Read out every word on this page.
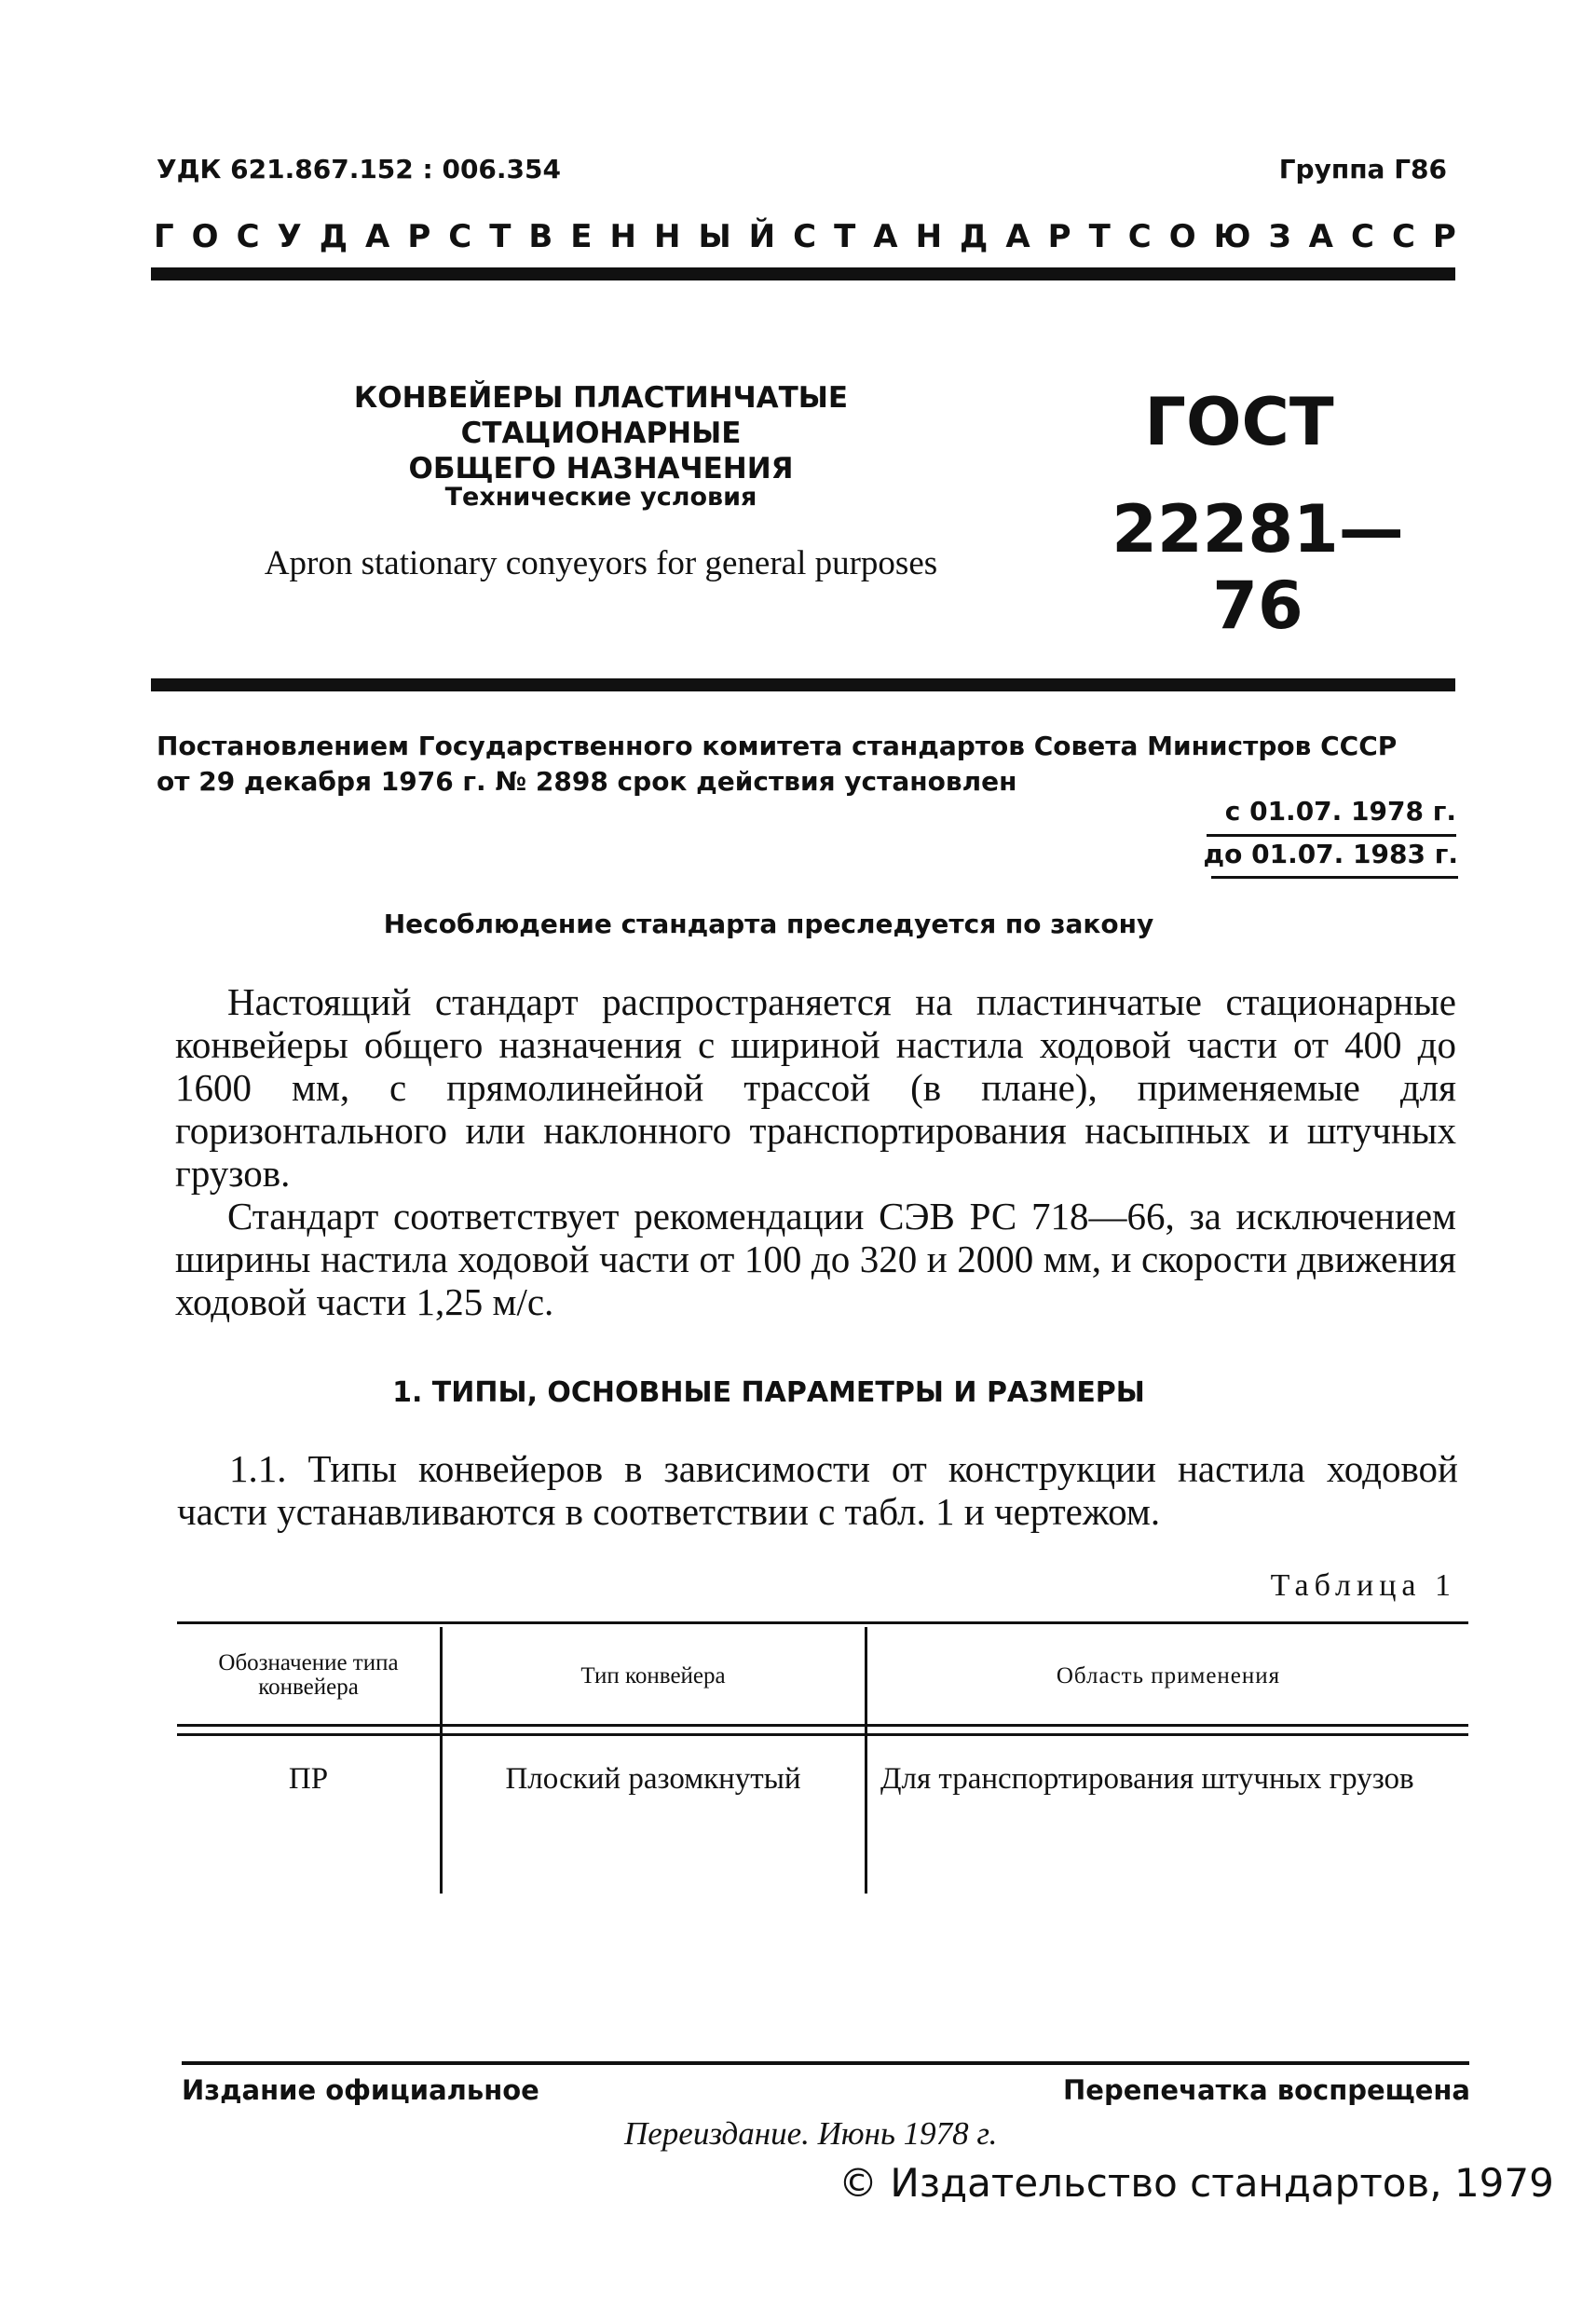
УДК 621.867.152 : 006.354	Группа Г86
ГОСУДАРСТВЕННЫЙ СТАНДАРТ СОЮЗА ССР
КОНВЕЙЕРЫ ПЛАСТИНЧАТЫЕ СТАЦИОНАРНЫЕ
ОБЩЕГО НАЗНАЧЕНИЯ
Технические условия
Apron stationary conyeyors for general purposes
ГОСТ
22281—76
Постановлением Государственного комитета стандартов Совета Министров СССР
от 29 декабря 1976 г. № 2898 срок действия установлен
с 01.07. 1978 г.
до 01.07. 1983 г.
Несоблюдение стандарта преследуется по закону

Настоящий стандарт распространяется на пластинчатые стационарные конвейеры общего назначения с шириной настила ходовой части от 400 до 1600 мм, с прямолинейной трассой (в плане), применяемые для горизонтального или наклонного транспортирования насыпных и штучных грузов.

Стандарт соответствует рекомендации СЭВ РС 718—66, за исключением ширины настила ходовой части от 100 до 320 и 2000 мм, и скорости движения ходовой части 1,25 м/с.

1. ТИПЫ, ОСНОВНЫЕ ПАРАМЕТРЫ И РАЗМЕРЫ

1.1. Типы конвейеров в зависимости от конструкции настила ходовой части устанавливаются в соответствии с табл. 1 и чертежом.

Таблица 1
Обозначение типа конвейера	Тип конвейера	Область применения
ПР	Плоский разомкнутый	Для транспортирования штучных грузов
Издание официальное	Перепечатка воспрещена
Переиздание. Июнь 1978 г.
© Издательство стандартов, 1979
